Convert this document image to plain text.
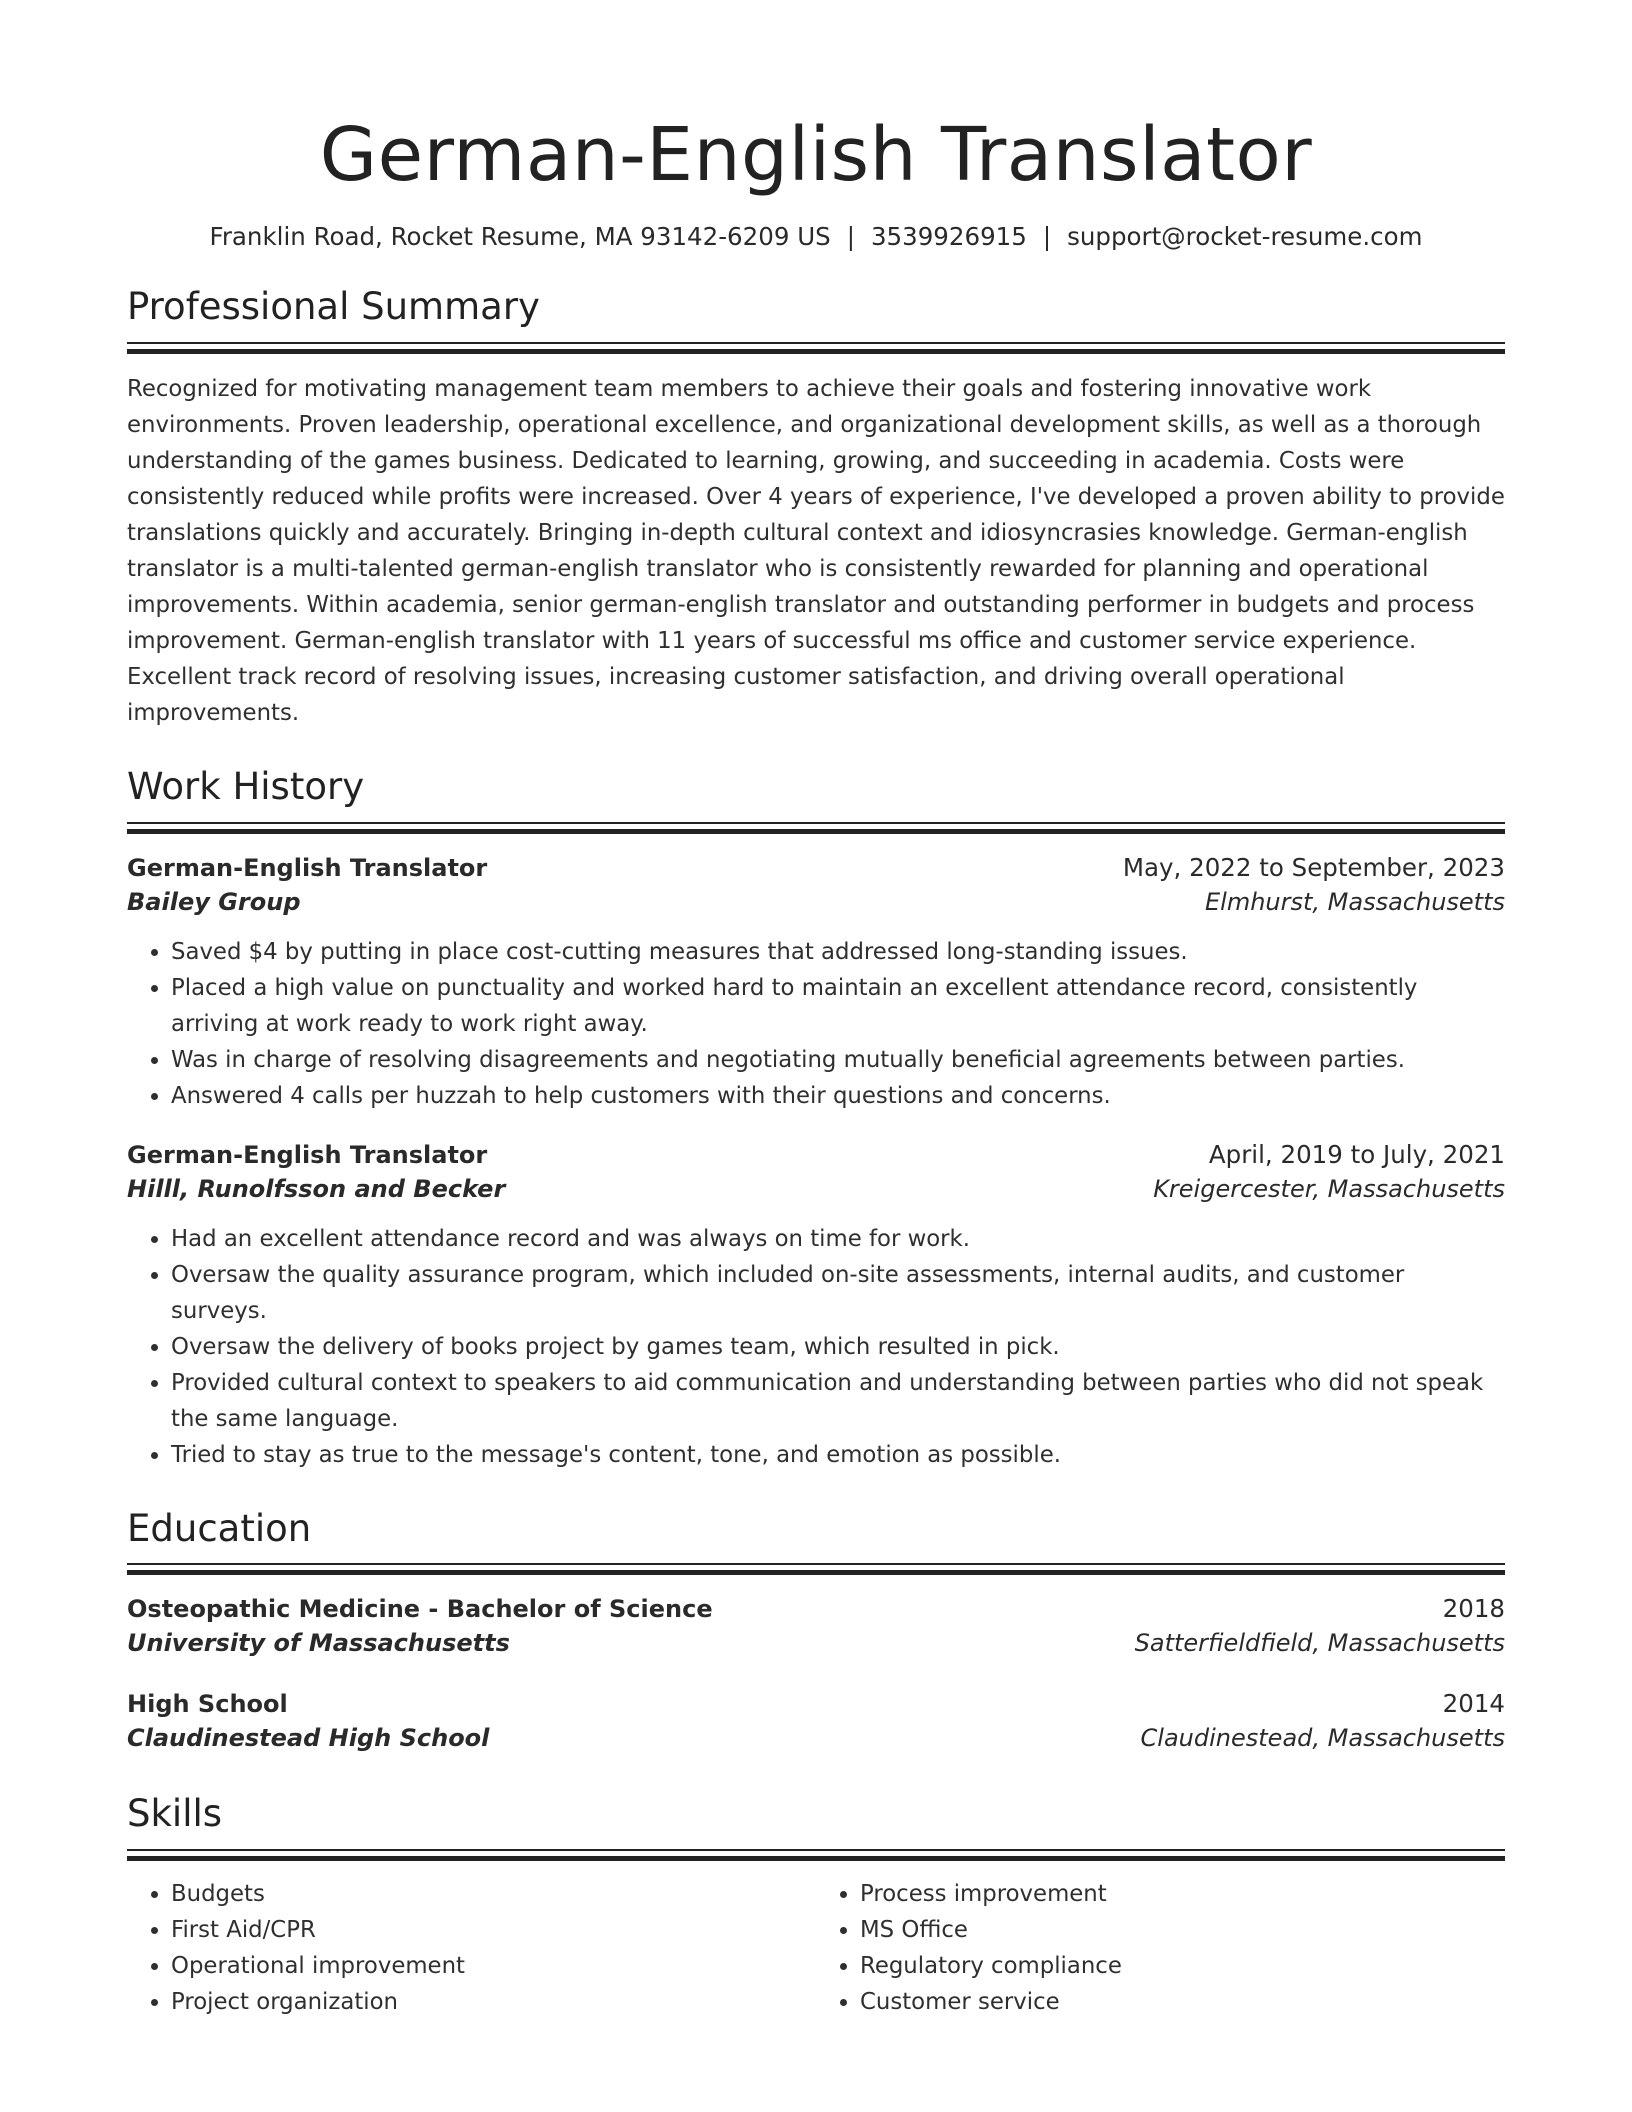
German-English Translator
Franklin Road, Rocket Resume, MA 93142-6209 US | 3539926915 | support@rocket-resume.com
Professional Summary
Recognized for motivating management team members to achieve their goals and fostering innovative work environments. Proven leadership, operational excellence, and organizational development skills, as well as a thorough understanding of the games business. Dedicated to learning, growing, and succeeding in academia. Costs were consistently reduced while profits were increased. Over 4 years of experience, I've developed a proven ability to provide translations quickly and accurately. Bringing in-depth cultural context and idiosyncrasies knowledge. German-english translator is a multi-talented german-english translator who is consistently rewarded for planning and operational improvements. Within academia, senior german-english translator and outstanding performer in budgets and process improvement. German-english translator with 11 years of successful ms office and customer service experience. Excellent track record of resolving issues, increasing customer satisfaction, and driving overall operational improvements.
Work History
German-English Translator	May, 2022 to September, 2023
Bailey Group	Elmhurst, Massachusetts
• Saved $4 by putting in place cost-cutting measures that addressed long-standing issues.
• Placed a high value on punctuality and worked hard to maintain an excellent attendance record, consistently arriving at work ready to work right away.
• Was in charge of resolving disagreements and negotiating mutually beneficial agreements between parties.
• Answered 4 calls per huzzah to help customers with their questions and concerns.
German-English Translator	April, 2019 to July, 2021
Hilll, Runolfsson and Becker	Kreigercester, Massachusetts
• Had an excellent attendance record and was always on time for work.
• Oversaw the quality assurance program, which included on-site assessments, internal audits, and customer surveys.
• Oversaw the delivery of books project by games team, which resulted in pick.
• Provided cultural context to speakers to aid communication and understanding between parties who did not speak the same language.
• Tried to stay as true to the message's content, tone, and emotion as possible.
Education
Osteopathic Medicine - Bachelor of Science	2018
University of Massachusetts	Satterfieldfield, Massachusetts
High School	2014
Claudinestead High School	Claudinestead, Massachusetts
Skills
• Budgets
• First Aid/CPR
• Operational improvement
• Project organization
• Process improvement
• MS Office
• Regulatory compliance
• Customer service
